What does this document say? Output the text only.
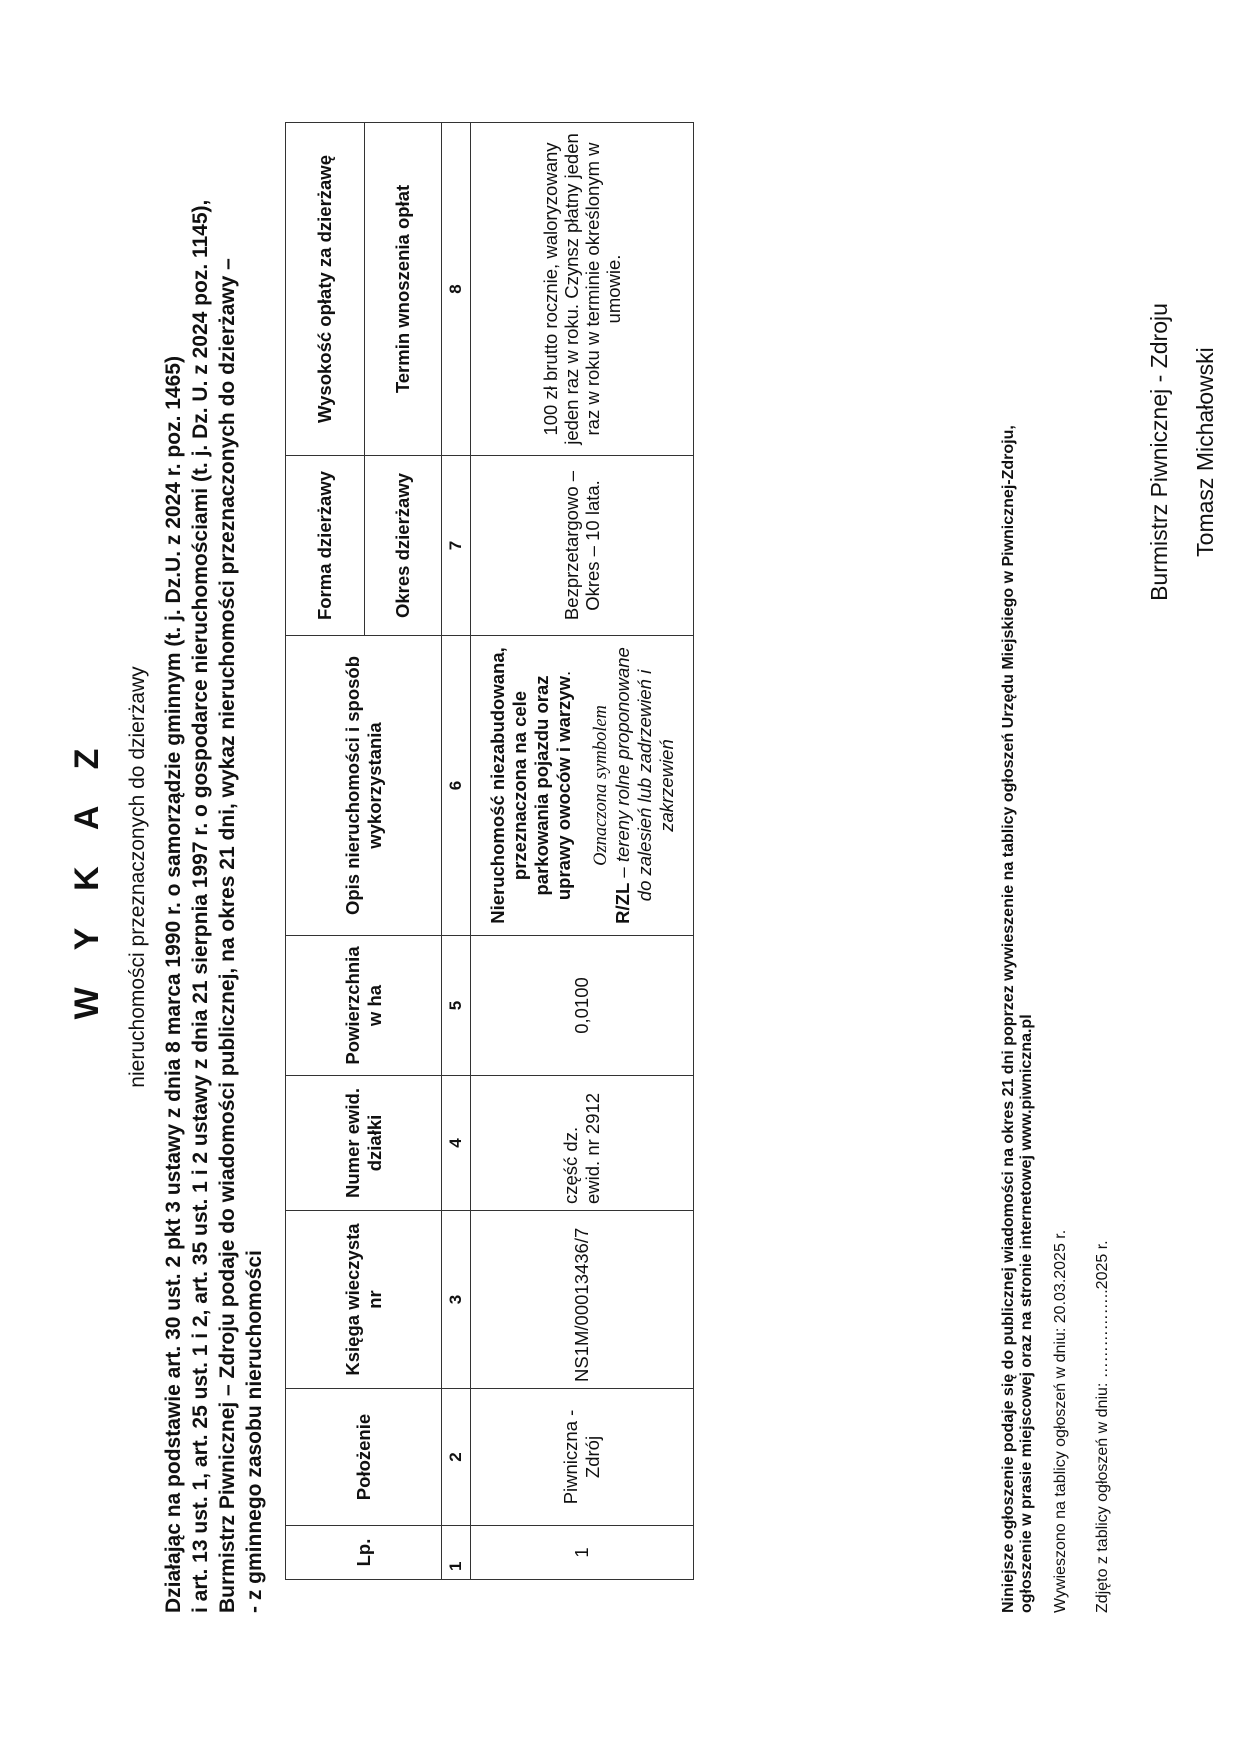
W Y K A Z nieruchomości przeznaczonych do dzierżawy Działając na podstawie art. 30 ust. 2 pkt 3 ustawy z dnia 8 marca 1990 r. o samorządzie gminnym (t. j. Dz.U. z 2024 r. poz. 1465) i art. 13 ust. 1, art. 25 ust. 1 i 2, art. 35 ust. 1 i 2 ustawy z dnia 21 sierpnia 1997 r. o gospodarce nieruchomościami (t. j. Dz. U. z 2024 poz. 1145), Burmistrz Piwnicznej – Zdroju podaje do wiadomości publicznej, na okres 21 dni, wykaz nieruchomości przeznaczonych do dzierżawy – - z gminnego zasobu nieruchomości	Lp.	Położenie	Księga wieczysta nr	Numer ewid. działki	Powierzchnia w ha	Opis nieruchomości i sposób wykorzystania	Forma dzierżawy	Wysokość opłaty za dzierżawę
						Okres dzierżawy	Termin wnoszenia opłat
1	2	3	4	5	6	7	8
1	Piwniczna - Zdrój	NS1M/00013436/7	część dz. ewid. nr 2912	0,0100	Nieruchomość niezabudowana, przeznaczona na cele parkowania pojazdu oraz uprawy owoców i warzyw.
Oznaczona symbolem
R/ZL – tereny rolne proponowane do zalesień lub zadrzewień i zakrzewień	Bezprzetargowo – Okres – 10 lata.	100 zł brutto rocznie, waloryzowany jeden raz w roku. Czynsz płatny jeden raz w roku w terminie określonym w umowie.
Niniejsze ogłoszenie podaje się do publicznej wiadomości na okres 21 dni poprzez wywieszenie na tablicy ogłoszeń Urzędu Miejskiego w Piwnicznej-Zdroju, ogłoszenie w prasie miejscowej oraz na stronie internetowej www.piwniczna.pl Wywieszono na tablicy ogłoszeń w dniu: 20.03.2025 r. Zdjęto z tablicy ogłoszeń w dniu: ……………..2025 r.
Burmistrz Piwnicznej - Zdroju Tomasz Michałowski
